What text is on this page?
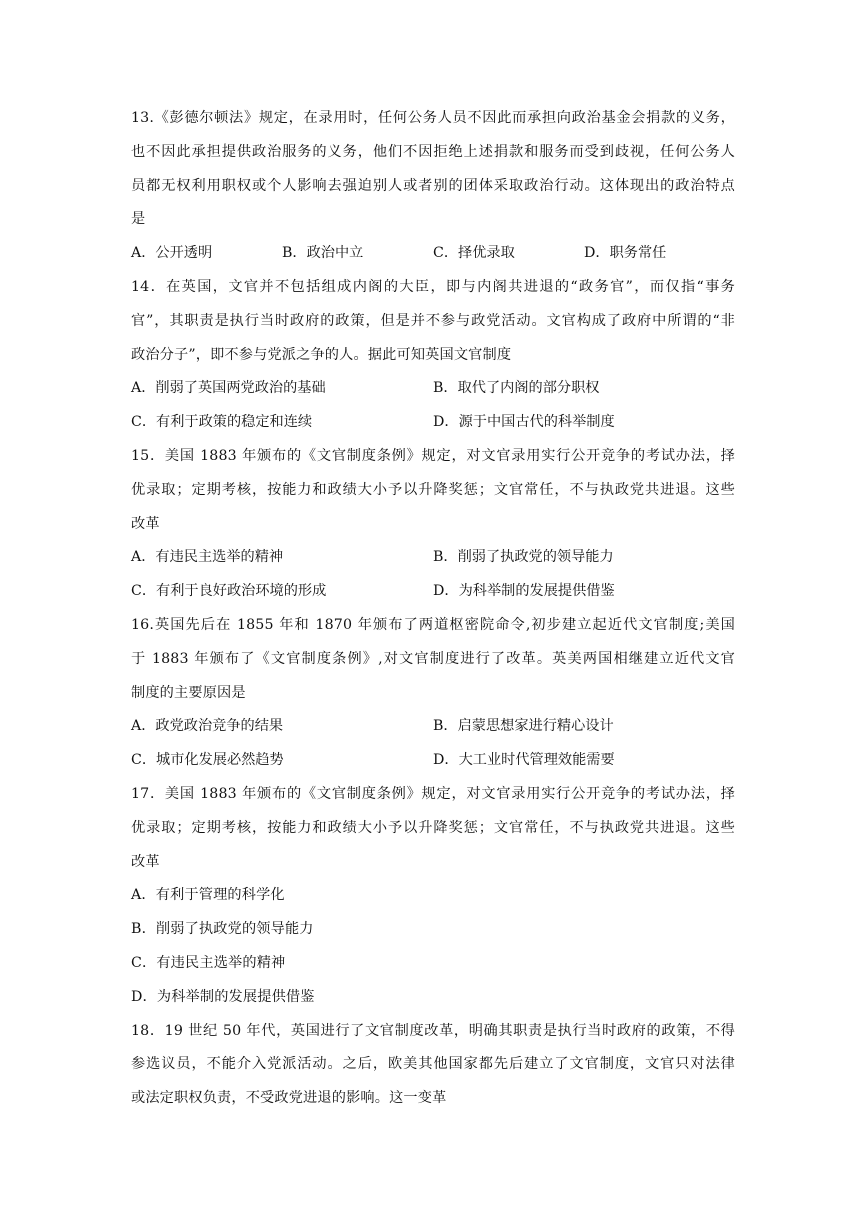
13.《彭德尔顿法》规定，在录用时，任何公务人员不因此而承担向政治基金会捐款的义务，
也不因此承担提供政治服务的义务，他们不因拒绝上述捐款和服务而受到歧视，任何公务人
员都无权利用职权或个人影响去强迫别人或者别的团体采取政治行动。这体现出的政治特点
是
A．公开透明	B．政治中立	C．择优录取	D．职务常任
14．在英国，文官并不包括组成内阁的大臣，即与内阁共进退的“政务官”，而仅指“事务
官”，其职责是执行当时政府的政策，但是并不参与政党活动。文官构成了政府中所谓的“非
政治分子”，即不参与党派之争的人。据此可知英国文官制度
A．削弱了英国两党政治的基础	B．取代了内阁的部分职权
C．有利于政策的稳定和连续	D．源于中国古代的科举制度
15．美国 1883 年颁布的《文官制度条例》规定，对文官录用实行公开竞争的考试办法，择
优录取；定期考核，按能力和政绩大小予以升降奖惩；文官常任，不与执政党共进退。这些
改革
A．有违民主选举的精神	B．削弱了执政党的领导能力
C．有利于良好政治环境的形成	D．为科举制的发展提供借鉴
16.英国先后在 1855 年和 1870 年颁布了两道枢密院命令,初步建立起近代文官制度;美国
于 1883 年颁布了《文官制度条例》,对文官制度进行了改革。英美两国相继建立近代文官
制度的主要原因是
A．政党政治竞争的结果	B．启蒙思想家进行精心设计
C．城市化发展必然趋势	D．大工业时代管理效能需要
17．美国 1883 年颁布的《文官制度条例》规定，对文官录用实行公开竞争的考试办法，择
优录取；定期考核，按能力和政绩大小予以升降奖惩；文官常任，不与执政党共进退。这些
改革
A．有利于管理的科学化
B．削弱了执政党的领导能力
C．有违民主选举的精神
D．为科举制的发展提供借鉴
18．19 世纪 50 年代，英国进行了文官制度改革，明确其职责是执行当时政府的政策，不得
参选议员，不能介入党派活动。之后，欧美其他国家都先后建立了文官制度，文官只对法律
或法定职权负责，不受政党进退的影响。这一变革
